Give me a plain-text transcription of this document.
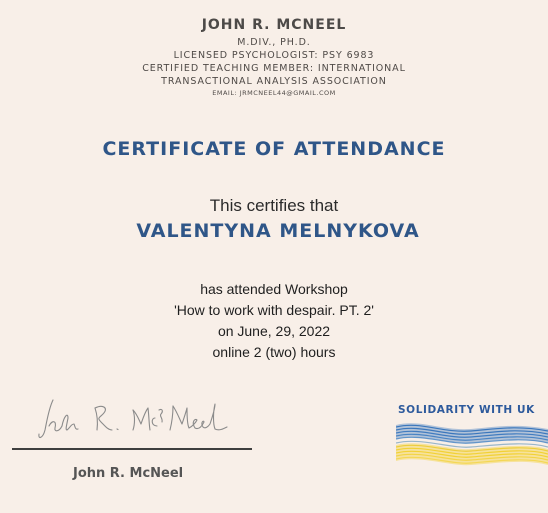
JOHN R. MCNEEL
M.DIV., PH.D.
LICENSED PSYCHOLOGIST: PSY 6983
CERTIFIED TEACHING MEMBER: INTERNATIONAL
TRANSACTIONAL ANALYSIS ASSOCIATION
EMAIL: JRMCNEEL44@GMAIL.COM
CERTIFICATE OF ATTENDANCE
This certifies that
VALENTYNA MELNYKOVA
has attended Workshop
'How to work with despair. PT. 2'
on June, 29, 2022
online 2 (two) hours
John R. McNeel
SOLIDARITY WITH UK
